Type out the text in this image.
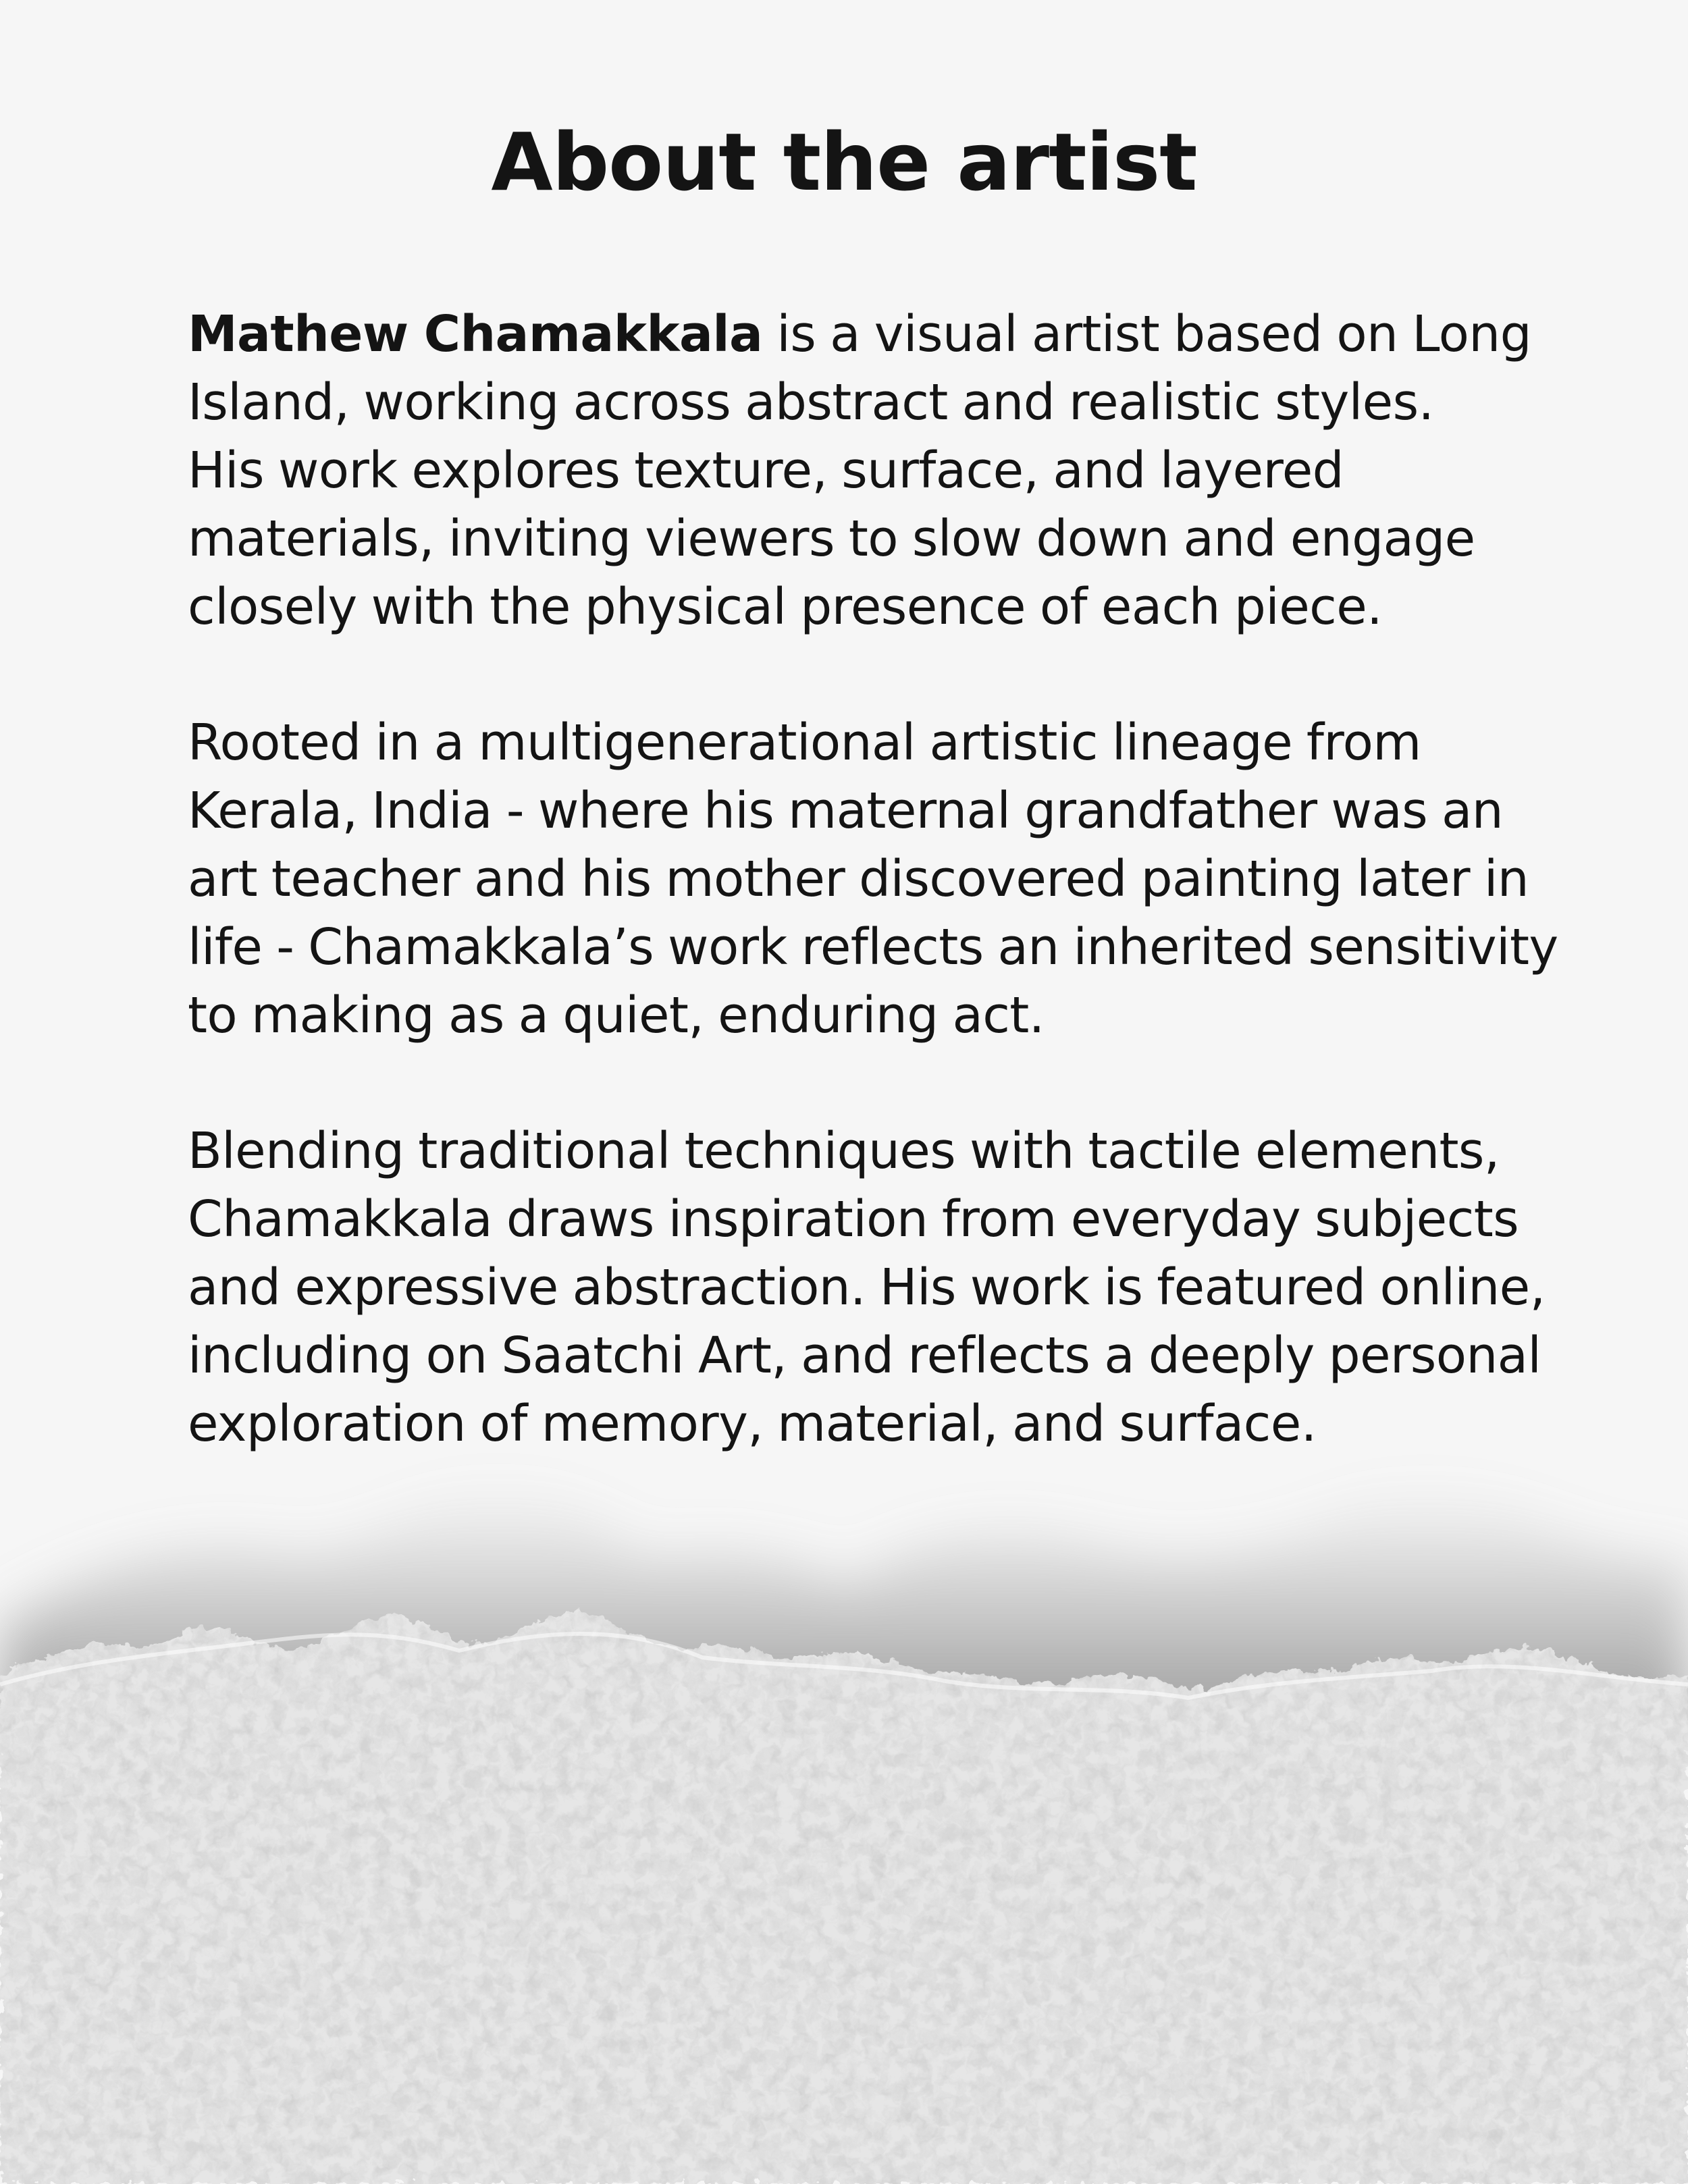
About the artist

Mathew Chamakkala is a visual artist based on Long
Island, working across abstract and realistic styles.
His work explores texture, surface, and layered
materials, inviting viewers to slow down and engage
closely with the physical presence of each piece.

Rooted in a multigenerational artistic lineage from
Kerala, India - where his maternal grandfather was an
art teacher and his mother discovered painting later in
life - Chamakkala’s work reflects an inherited sensitivity
to making as a quiet, enduring act.

Blending traditional techniques with tactile elements,
Chamakkala draws inspiration from everyday subjects
and expressive abstraction. His work is featured online,
including on Saatchi Art, and reflects a deeply personal
exploration of memory, material, and surface.
